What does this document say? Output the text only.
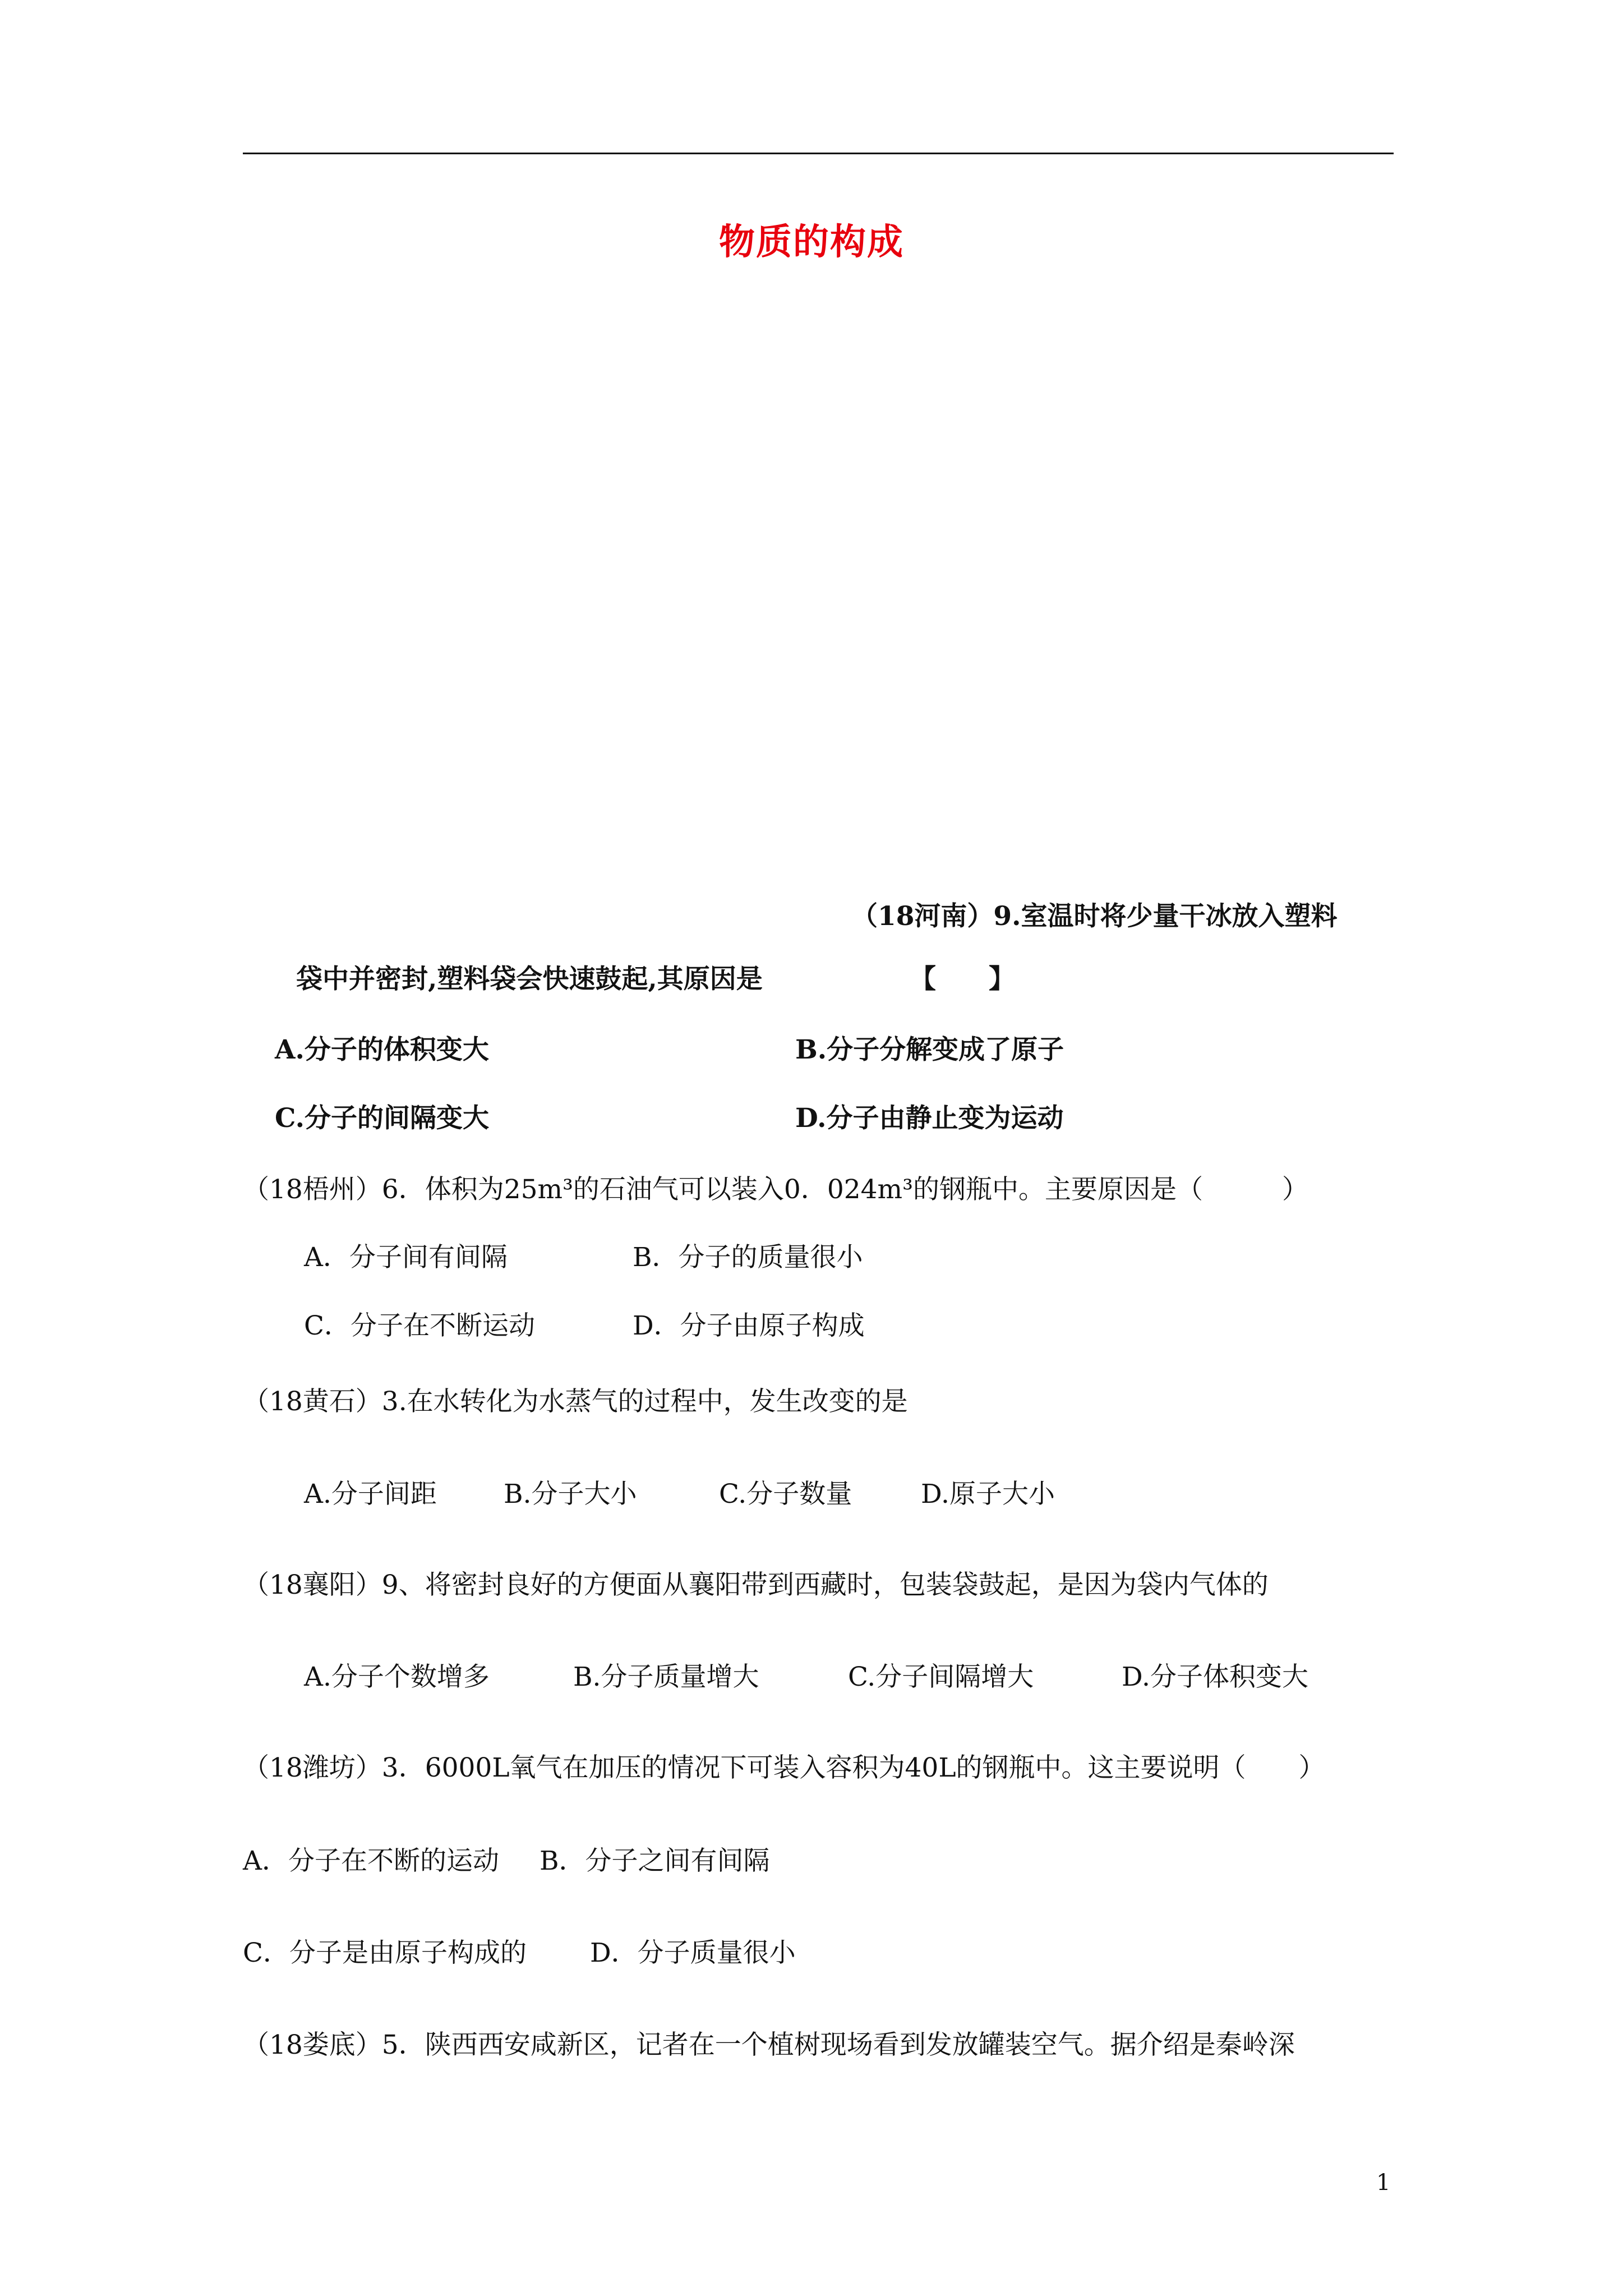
物质的构成
（18河南）9.室温时将少量干冰放入塑料
袋中并密封,塑料袋会快速鼓起,其原因是	【　　】
A.分子的体积变大	B.分子分解变成了原子
C.分子的间隔变大	D.分子由静止变为运动
（18梧州）6．体积为25m³的石油气可以装入0．024m³的钢瓶中。主要原因是（　　　）
A．分子间有间隔	B．分子的质量很小
C．分子在不断运动	D．分子由原子构成
（18黄石）3.在水转化为水蒸气的过程中，发生改变的是
A.分子间距	B.分子大小	C.分子数量	D.原子大小
（18襄阳）9、将密封良好的方便面从襄阳带到西藏时，包装袋鼓起，是因为袋内气体的
A.分子个数增多	B.分子质量增大	C.分子间隔增大	D.分子体积变大
（18潍坊）3．6000L氧气在加压的情况下可装入容积为40L的钢瓶中。这主要说明（　　）
A．分子在不断的运动 B．分子之间有间隔
C．分子是由原子构成的 D．分子质量很小
（18娄底）5．陕西西安咸新区，记者在一个植树现场看到发放罐装空气。据介绍是秦岭深
1
